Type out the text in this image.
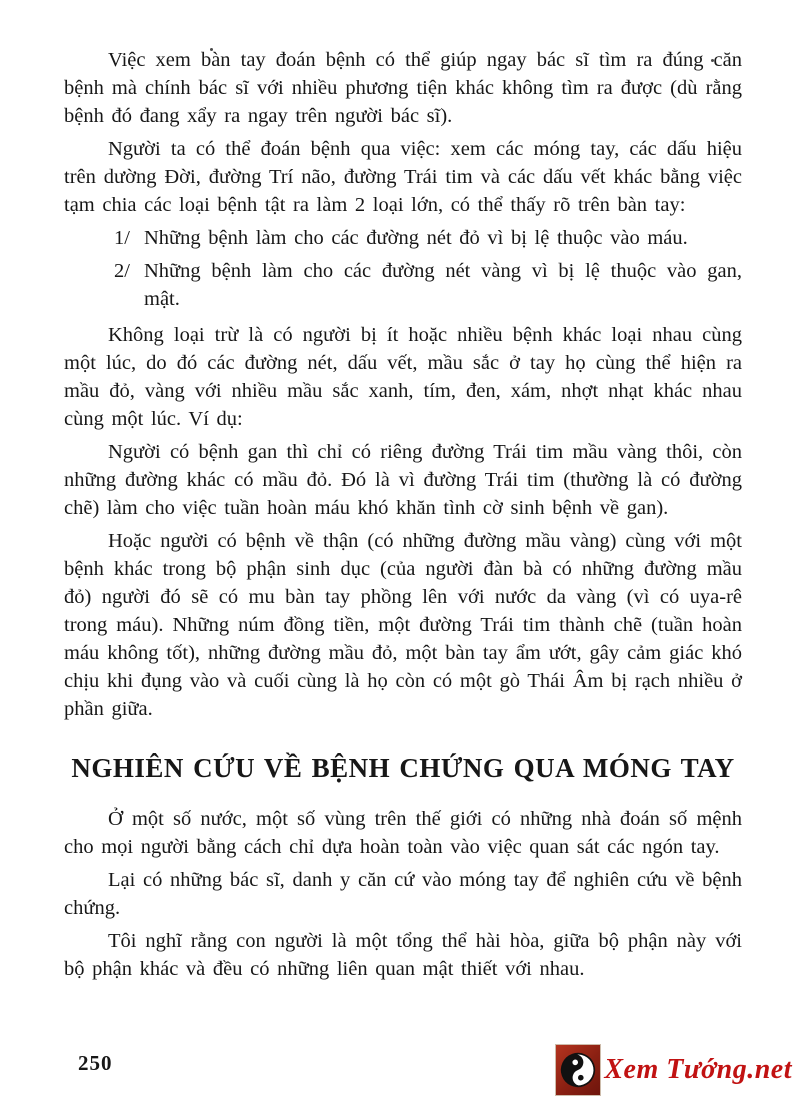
Việc xem bàn tay đoán bệnh có thể giúp ngay bác sĩ tìm ra đúng căn bệnh mà chính bác sĩ với nhiều phương tiện khác không tìm ra được (dù rằng bệnh đó đang xẩy ra ngay trên người bác sĩ).

Người ta có thể đoán bệnh qua việc: xem các móng tay, các dấu hiệu trên dường Đời, đường Trí não, đường Trái tim và các dấu vết khác bằng việc tạm chia các loại bệnh tật ra làm 2 loại lớn, có thể thấy rõ trên bàn tay:

1/ Những bệnh làm cho các đường nét đỏ vì bị lệ thuộc vào máu.
2/ Những bệnh làm cho các đường nét vàng vì bị lệ thuộc vào gan, mật.

Không loại trừ là có người bị ít hoặc nhiều bệnh khác loại nhau cùng một lúc, do đó các đường nét, dấu vết, mầu sắc ở tay họ cùng thể hiện ra mầu đỏ, vàng với nhiều mầu sắc xanh, tím, đen, xám, nhợt nhạt khác nhau cùng một lúc. Ví dụ:

Người có bệnh gan thì chỉ có riêng đường Trái tim mầu vàng thôi, còn những đường khác có mầu đỏ. Đó là vì đường Trái tim (thường là có đường chẽ) làm cho việc tuần hoàn máu khó khăn tình cờ sinh bệnh về gan).

Hoặc người có bệnh về thận (có những đường mầu vàng) cùng với một bệnh khác trong bộ phận sinh dục (của người đàn bà có những đường mầu đỏ) người đó sẽ có mu bàn tay phồng lên với nước da vàng (vì có uya-rê trong máu). Những núm đồng tiền, một đường Trái tim thành chẽ (tuần hoàn máu không tốt), những đường mầu đỏ, một bàn tay ẩm ướt, gây cảm giác khó chịu khi đụng vào và cuối cùng là họ còn có một gò Thái Âm bị rạch nhiều ở phần giữa.

NGHIÊN CỨU VỀ BỆNH CHỨNG QUA MÓNG TAY

Ở một số nước, một số vùng trên thế giới có những nhà đoán số mệnh cho mọi người bằng cách chỉ dựa hoàn toàn vào việc quan sát các ngón tay.

Lại có những bác sĩ, danh y căn cứ vào móng tay để nghiên cứu về bệnh chứng.

Tôi nghĩ rằng con người là một tổng thể hài hòa, giữa bộ phận này với bộ phận khác và đều có những liên quan mật thiết với nhau.

250	Xem Tướng.net
